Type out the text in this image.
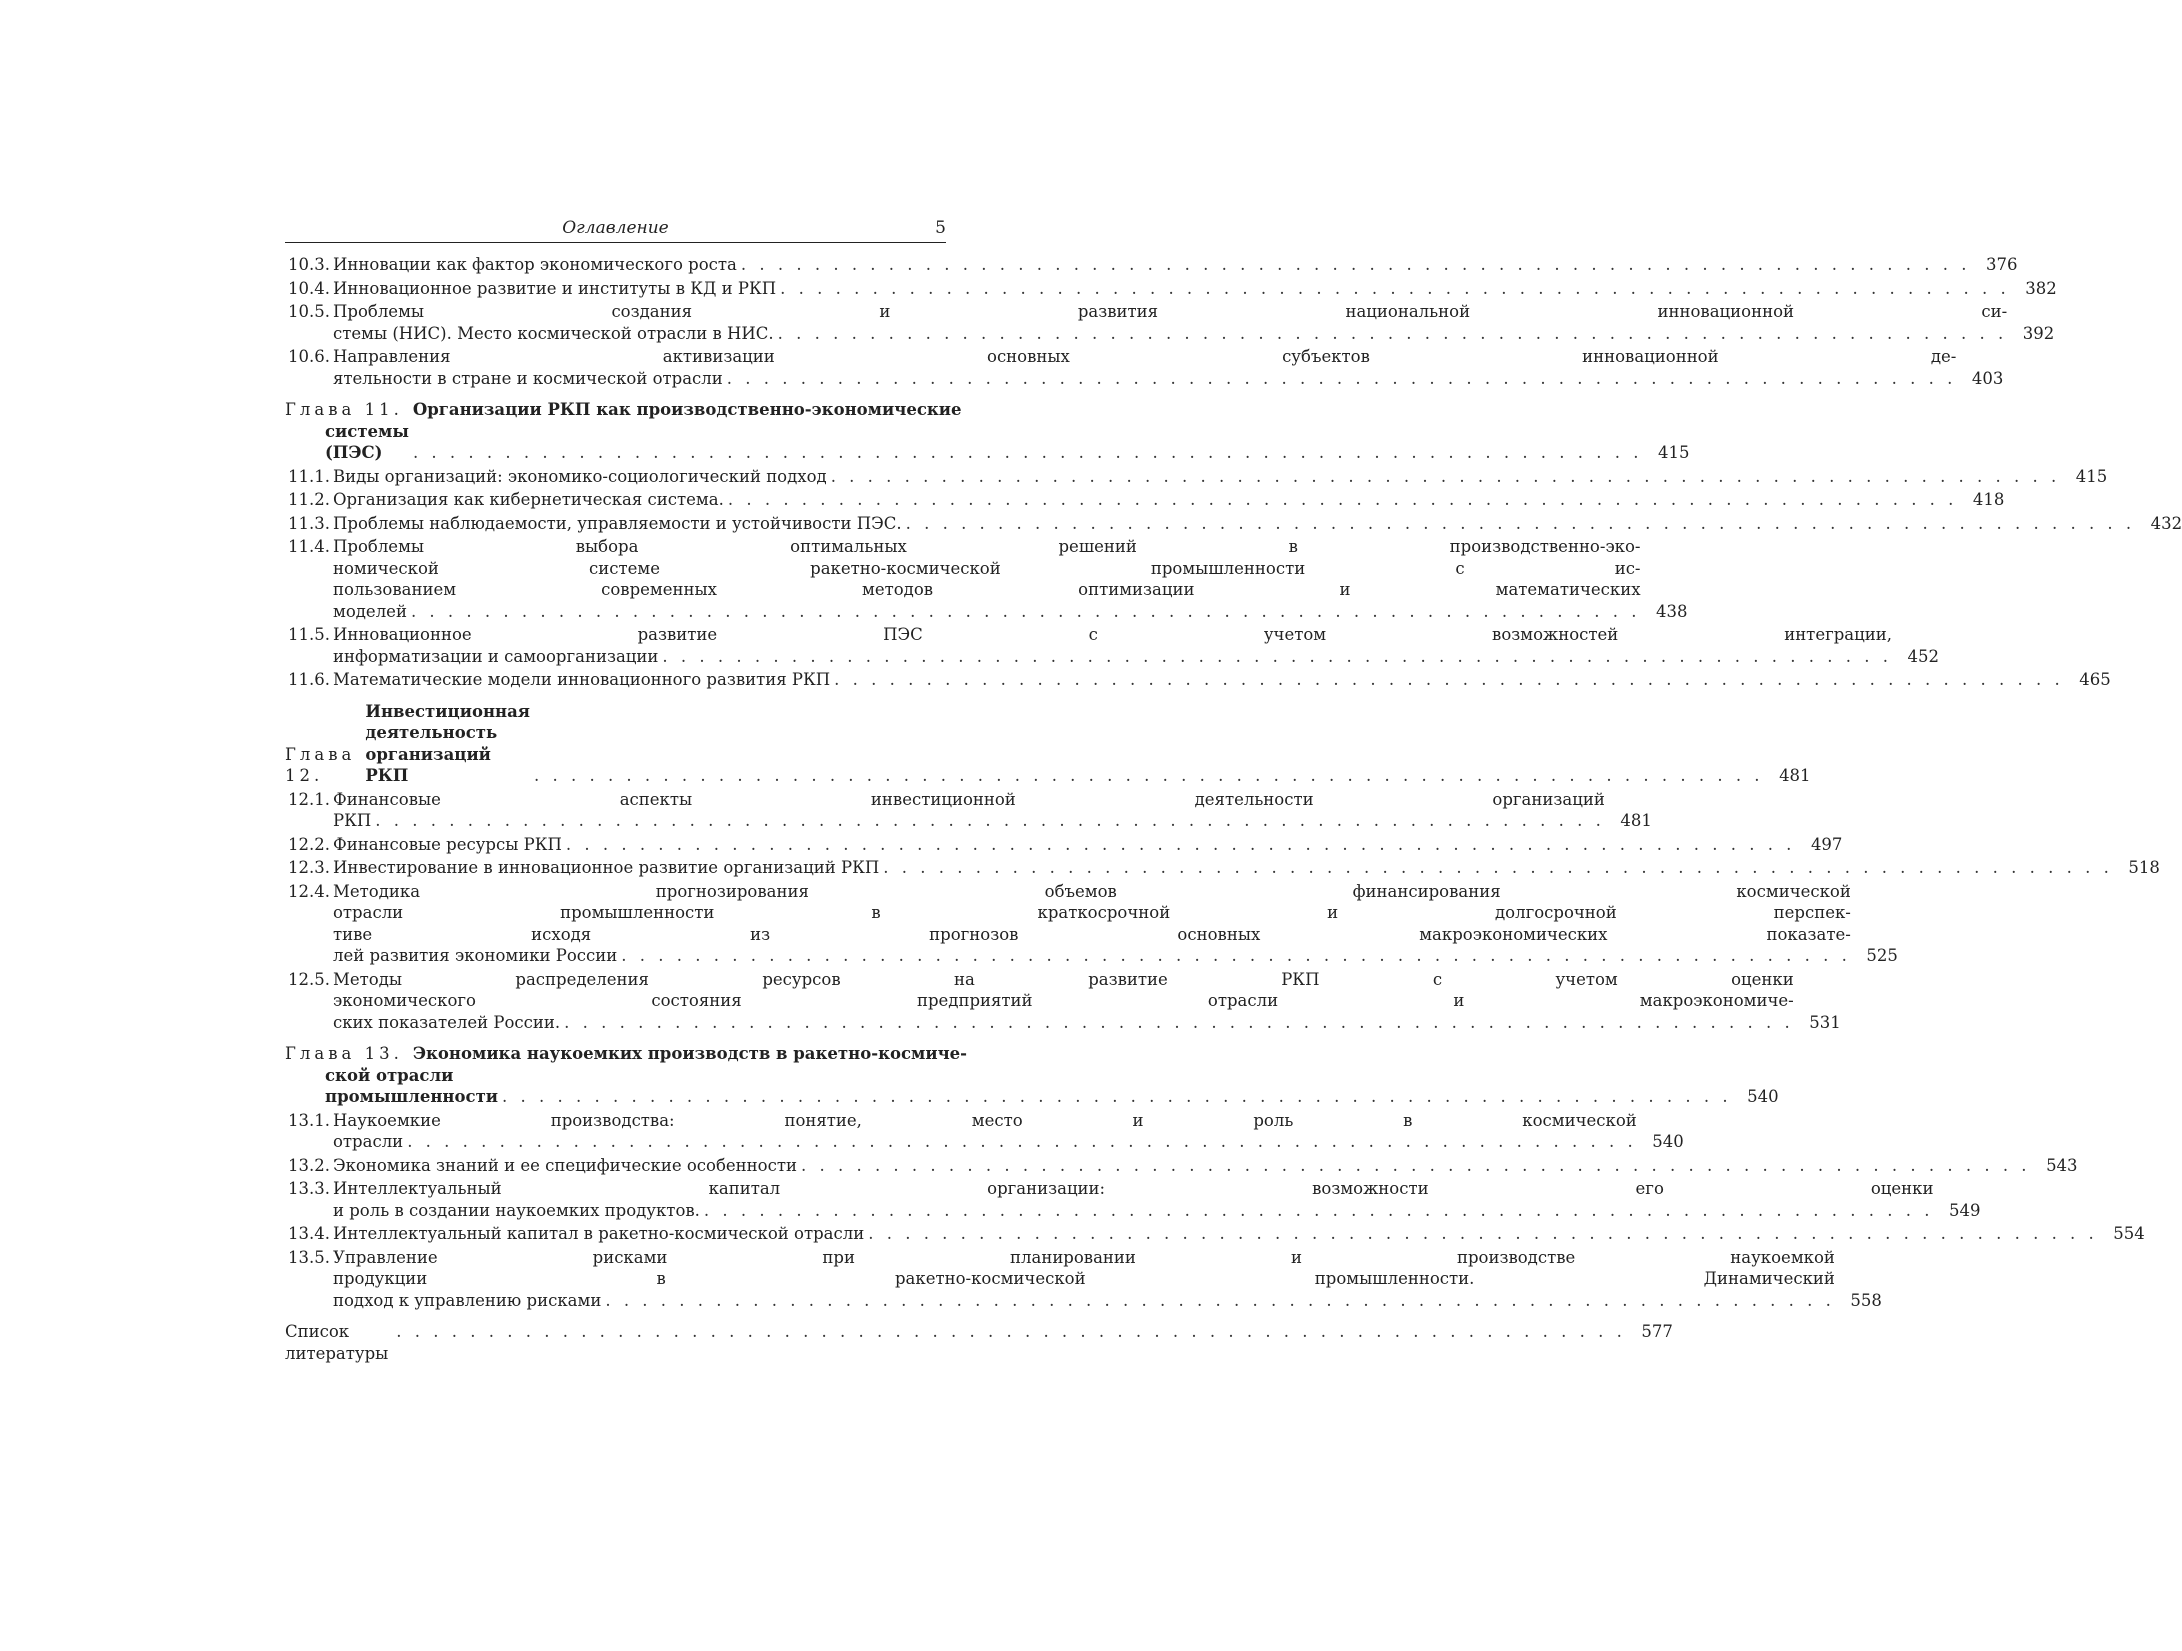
Оглавление	5
10.3. Инновации как фактор экономического роста . . . . . . . . . . . . . . . . . . . . . . . . . . . . . . . . . . . . . . . . . . . . . . . . . . . . . . . . . . . . . . . . . . . 376
10.4. Инновационное развитие и институты в КД и РКП . . . . . . . . . . . . . . . . . . . . . . . . . . . . . . . . . . . . . . . . . . . . . . . . . . . . . . . . . . . . . . . . . . . 382
10.5. Проблемы создания и развития национальной инновационной си-
стемы (НИС). Место космической отрасли в НИС. . . . . . . . . . . . . . . . . . . . . . . . . . . . . . . . . . . . . . . . . . . . . . . . . . . . . . . . . . . . . . . . . . . . 392
10.6. Направления активизации основных субъектов инновационной де-
ятельности в стране и космической отрасли . . . . . . . . . . . . . . . . . . . . . . . . . . . . . . . . . . . . . . . . . . . . . . . . . . . . . . . . . . . . . . . . . . . 403
Глава 11. Организации РКП как производственно-экономические
системы (ПЭС)	. . . . . . . . . . . . . . . . . . . . . . . . . . . . . . . . . . . . . . . . . . . . . . . . . . . . . . . . . . . . . . . . . . . 415
11.1. Виды организаций: экономико-социологический подход . . . . . . . . . . . . . . . . . . . . . . . . . . . . . . . . . . . . . . . . . . . . . . . . . . . . . . . . . . . . . . . . . . . 415
11.2. Организация как кибернетическая система. . . . . . . . . . . . . . . . . . . . . . . . . . . . . . . . . . . . . . . . . . . . . . . . . . . . . . . . . . . . . . . . . . . . 418
11.3. Проблемы наблюдаемости, управляемости и устойчивости ПЭС. . . . . . . . . . . . . . . . . . . . . . . . . . . . . . . . . . . . . . . . . . . . . . . . . . . . . . . . . . . . . . . . . . . . 432
11.4. Проблемы выбора оптимальных решений в производственно-эко-
номической системе ракетно-космической промышленности с ис-
пользованием современных методов оптимизации и математических
моделей . . . . . . . . . . . . . . . . . . . . . . . . . . . . . . . . . . . . . . . . . . . . . . . . . . . . . . . . . . . . . . . . . . . 438
11.5. Инновационное развитие ПЭС с учетом возможностей интеграции,
информатизации и самоорганизации . . . . . . . . . . . . . . . . . . . . . . . . . . . . . . . . . . . . . . . . . . . . . . . . . . . . . . . . . . . . . . . . . . . 452
11.6. Математические модели инновационного развития РКП . . . . . . . . . . . . . . . . . . . . . . . . . . . . . . . . . . . . . . . . . . . . . . . . . . . . . . . . . . . . . . . . . . . 465
Глава 12.
Инвестиционная деятельность организаций РКП	. . . . . . . . . . . . . . . . . . . . . . . . . . . . . . . . . . . . . . . . . . . . . . . . . . . . . . . . . . . . . . . . . . . 481
12.1. Финансовые аспекты инвестиционной деятельности организаций
РКП . . . . . . . . . . . . . . . . . . . . . . . . . . . . . . . . . . . . . . . . . . . . . . . . . . . . . . . . . . . . . . . . . . . 481
12.2. Финансовые ресурсы РКП . . . . . . . . . . . . . . . . . . . . . . . . . . . . . . . . . . . . . . . . . . . . . . . . . . . . . . . . . . . . . . . . . . . 497
12.3. Инвестирование в инновационное развитие организаций РКП . . . . . . . . . . . . . . . . . . . . . . . . . . . . . . . . . . . . . . . . . . . . . . . . . . . . . . . . . . . . . . . . . . . 518
12.4. Методика прогнозирования объемов финансирования космической
отрасли промышленности в краткосрочной и долгосрочной перспек-
тиве исходя из прогнозов основных макроэкономических показате-
лей развития экономики России . . . . . . . . . . . . . . . . . . . . . . . . . . . . . . . . . . . . . . . . . . . . . . . . . . . . . . . . . . . . . . . . . . . 525
12.5. Методы распределения ресурсов на развитие РКП с учетом оценки
экономического состояния предприятий отрасли и макроэкономиче-
ских показателей России. . . . . . . . . . . . . . . . . . . . . . . . . . . . . . . . . . . . . . . . . . . . . . . . . . . . . . . . . . . . . . . . . . . . 531
Глава 13. Экономика наукоемких производств в ракетно-космиче-
ской отрасли промышленности . . . . . . . . . . . . . . . . . . . . . . . . . . . . . . . . . . . . . . . . . . . . . . . . . . . . . . . . . . . . . . . . . . . 540
13.1. Наукоемкие производства: понятие, место и роль в космической
отрасли . . . . . . . . . . . . . . . . . . . . . . . . . . . . . . . . . . . . . . . . . . . . . . . . . . . . . . . . . . . . . . . . . . . 540
13.2. Экономика знаний и ее специфические особенности . . . . . . . . . . . . . . . . . . . . . . . . . . . . . . . . . . . . . . . . . . . . . . . . . . . . . . . . . . . . . . . . . . . 543
13.3. Интеллектуальный капитал организации: возможности его оценки
и роль в создании наукоемких продуктов. . . . . . . . . . . . . . . . . . . . . . . . . . . . . . . . . . . . . . . . . . . . . . . . . . . . . . . . . . . . . . . . . . . . 549
13.4. Интеллектуальный капитал в ракетно-космической отрасли . . . . . . . . . . . . . . . . . . . . . . . . . . . . . . . . . . . . . . . . . . . . . . . . . . . . . . . . . . . . . . . . . . . 554
13.5. Управление рисками при планировании и производстве наукоемкой
продукции в ракетно-космической промышленности. Динамический
подход к управлению рисками . . . . . . . . . . . . . . . . . . . . . . . . . . . . . . . . . . . . . . . . . . . . . . . . . . . . . . . . . . . . . . . . . . . 558
Список литературы
. . . . . . . . . . . . . . . . . . . . . . . . . . . . . . . . . . . . . . . . . . . . . . . . . . . . . . . . . . . . . . . . . . . 577
